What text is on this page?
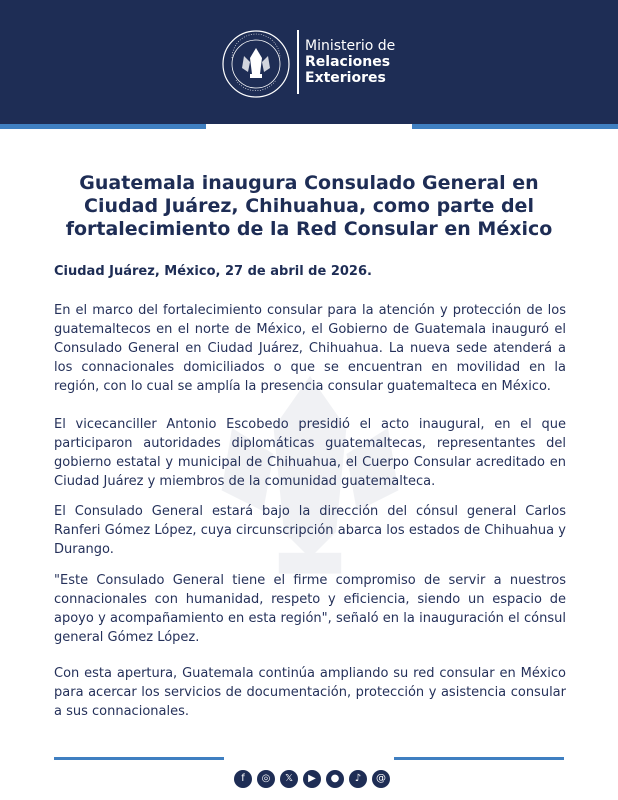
Ministerio de
Relaciones
Exteriores
Guatemala inaugura Consulado General en Ciudad Juárez, Chihuahua, como parte del fortalecimiento de la Red Consular en México

Ciudad Juárez, México, 27 de abril de 2026.

En el marco del fortalecimiento consular para la atención y protección de los guatemaltecos en el norte de México, el Gobierno de Guatemala inauguró el Consulado General en Ciudad Juárez, Chihuahua. La nueva sede atenderá a los connacionales domiciliados o que se encuentran en movilidad en la región, con lo cual se amplía la presencia consular guatemalteca en México.

El vicecanciller Antonio Escobedo presidió el acto inaugural, en el que participaron autoridades diplomáticas guatemaltecas, representantes del gobierno estatal y municipal de Chihuahua, el Cuerpo Consular acreditado en Ciudad Juárez y miembros de la comunidad guatemalteca.

El Consulado General estará bajo la dirección del cónsul general Carlos Ranferi Gómez López, cuya circunscripción abarca los estados de Chihuahua y Durango.

"Este Consulado General tiene el firme compromiso de servir a nuestros connacionales con humanidad, respeto y eficiencia, siendo un espacio de apoyo y acompañamiento en esta región", señaló en la inauguración el cónsul general Gómez López.

Con esta apertura, Guatemala continúa ampliando su red consular en México para acercar los servicios de documentación, protección y asistencia consular a sus connacionales.

f	◎	𝕏	▶	●	♪	@
